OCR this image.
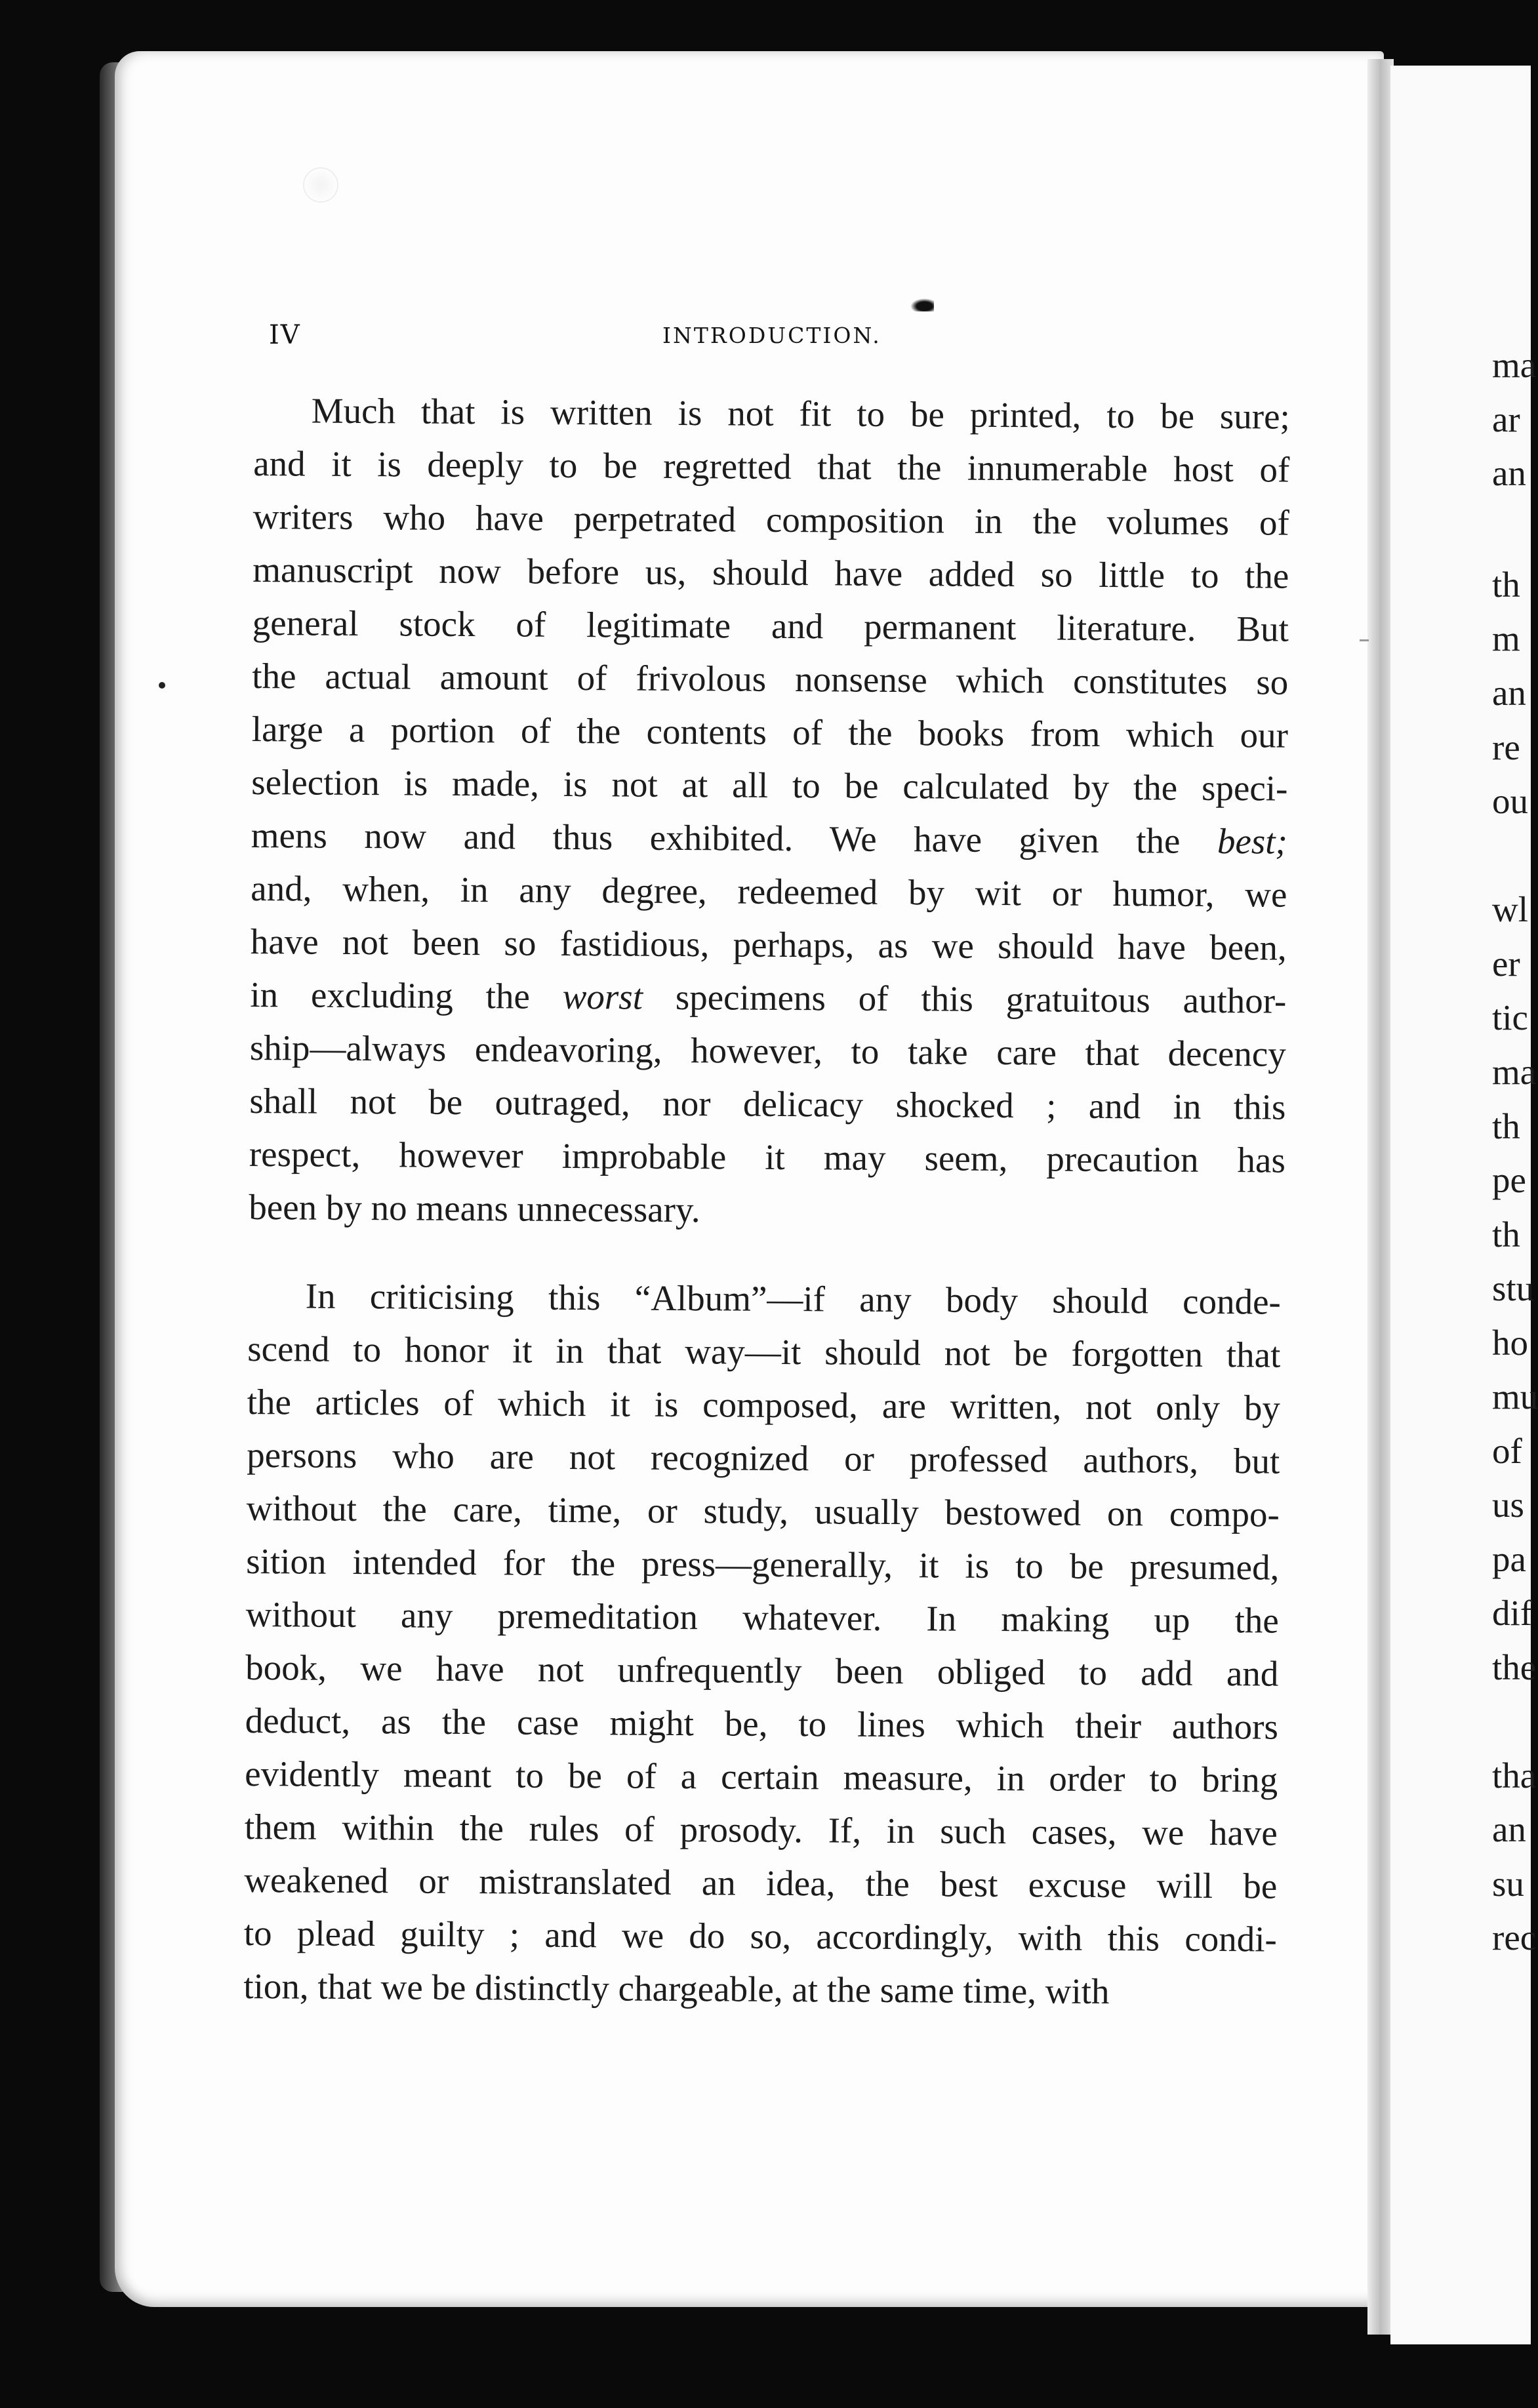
IV	INTRODUCTION.
Much that is written is not fit to be printed, to be sure;
and it is deeply to be regretted that the innumerable host of
writers who have perpetrated composition in the volumes of
manuscript now before us, should have added so little to the
general stock of legitimate and permanent literature. But
the actual amount of frivolous nonsense which constitutes so
large a portion of the contents of the books from which our
selection is made, is not at all to be calculated by the speci-
mens now and thus exhibited. We have given the best;
and, when, in any degree, redeemed by wit or humor, we
have not been so fastidious, perhaps, as we should have been,
in excluding the worst specimens of this gratuitous author-
ship—always endeavoring, however, to take care that decency
shall not be outraged, nor delicacy shocked ; and in this
respect, however improbable it may seem, precaution has
been by no means unnecessary.
In criticising this “Album”—if any body should conde-
scend to honor it in that way—it should not be forgotten that
the articles of which it is composed, are written, not only by
persons who are not recognized or professed authors, but
without the care, time, or study, usually bestowed on compo-
sition intended for the press—generally, it is to be presumed,
without any premeditation whatever. In making up the
book, we have not unfrequently been obliged to add and
deduct, as the case might be, to lines which their authors
evidently meant to be of a certain measure, in order to bring
them within the rules of prosody. If, in such cases, we have
weakened or mistranslated an idea, the best excuse will be
to plead guilty ; and we do so, accordingly, with this condi-
tion, that we be distinctly chargeable, at the same time, with
ma
ar
an
th
m
an
re
ou
wl
er
tic
ma
th
pe
th
stu
ho
mu
of
us
pa
dif
the
tha
an
su
rec
